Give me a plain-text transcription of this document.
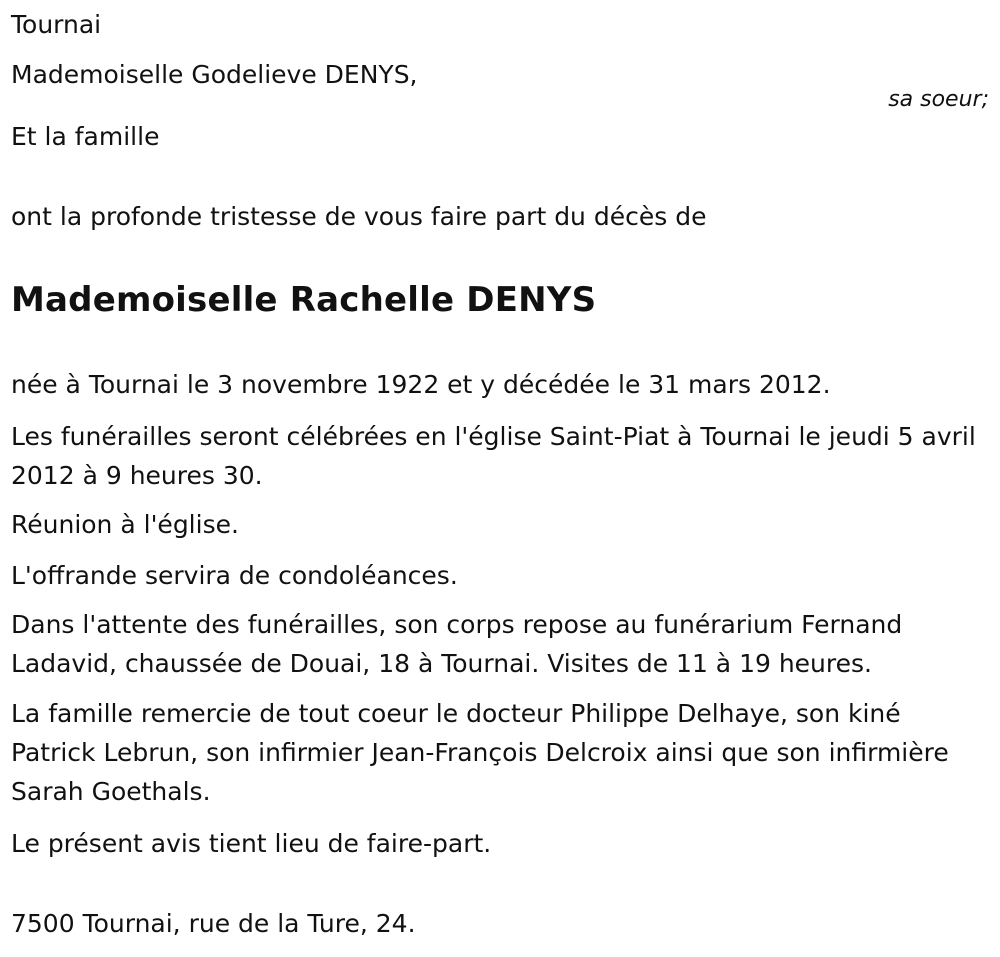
Tournai
Mademoiselle Godelieve DENYS,
sa soeur;
Et la famille
ont la profonde tristesse de vous faire part du décès de
Mademoiselle Rachelle DENYS
née à Tournai le 3 novembre 1922 et y décédée le 31 mars 2012.
Les funérailles seront célébrées en l'église Saint-Piat à Tournai le jeudi 5 avril 2012 à 9 heures 30.
Réunion à l'église.
L'offrande servira de condoléances.
Dans l'attente des funérailles, son corps repose au funérarium Fernand Ladavid, chaussée de Douai, 18 à Tournai. Visites de 11 à 19 heures.
La famille remercie de tout coeur le docteur Philippe Delhaye, son kiné Patrick Lebrun, son infirmier Jean-François Delcroix ainsi que son infirmière Sarah Goethals.
Le présent avis tient lieu de faire-part.
7500 Tournai, rue de la Ture, 24.
